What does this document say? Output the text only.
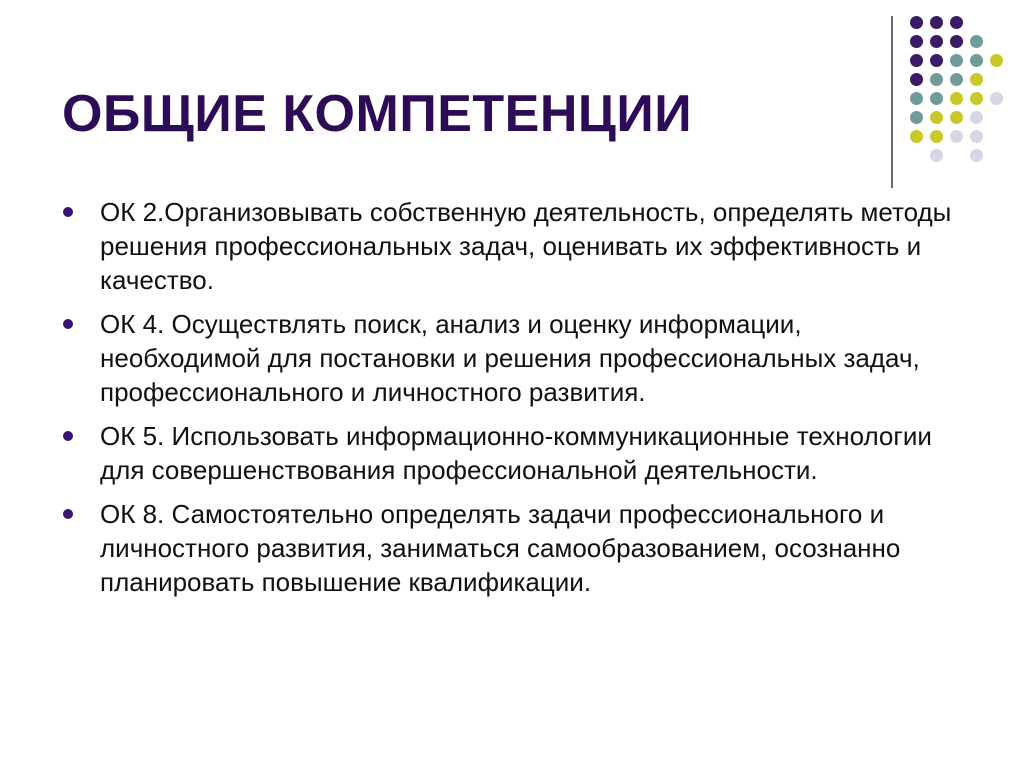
ОБЩИЕ КОМПЕТЕНЦИИ
ОК 2.Организовывать собственную деятельность, определять методы решения профессиональных задач, оценивать их эффективность и качество.
ОК 4. Осуществлять поиск, анализ и оценку информации, необходимой для постановки и решения профессиональных задач, профессионального и личностного развития.
ОК 5. Использовать информационно-коммуникационные технологии для совершенствования профессиональной деятельности.
ОК 8. Самостоятельно определять задачи профессионального и личностного развития, заниматься самообразованием, осознанно планировать повышение квалификации.
